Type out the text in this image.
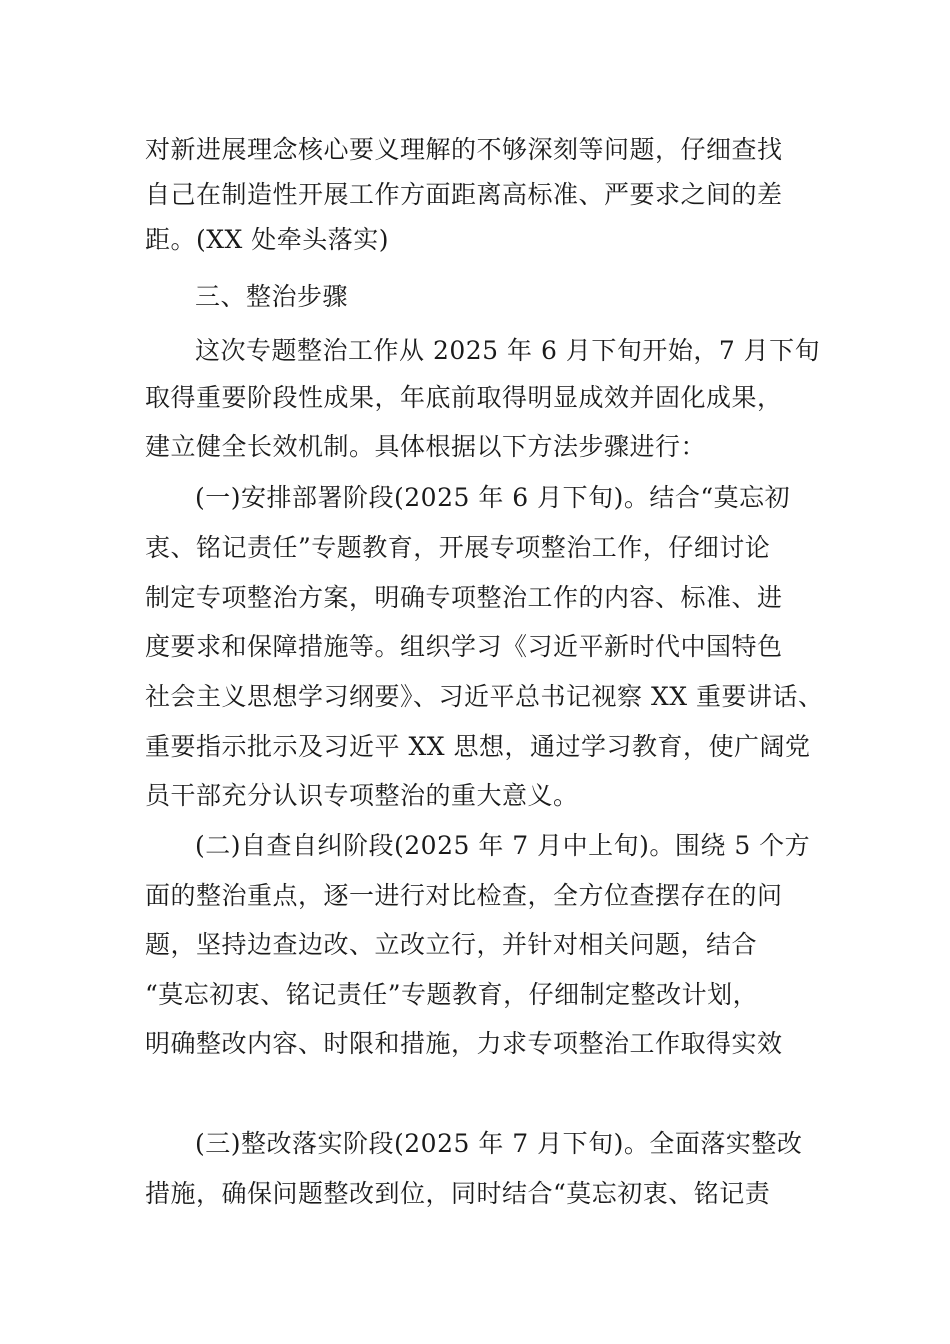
对新进展理念核心要义理解的不够深刻等问题，仔细查找
自己在制造性开展工作方面距离高标准、严要求之间的差
距。(XX 处牵头落实)
三、整治步骤
这次专题整治工作从 2025 年 6 月下旬开始，7 月下旬
取得重要阶段性成果，年底前取得明显成效并固化成果，
建立健全长效机制。具体根据以下方法步骤进行：
(一)安排部署阶段(2025 年 6 月下旬)。结合“莫忘初
衷、铭记责任”专题教育，开展专项整治工作，仔细讨论
制定专项整治方案，明确专项整治工作的内容、标准、进
度要求和保障措施等。组织学习《习近平新时代中国特色
社会主义思想学习纲要》、习近平总书记视察 XX 重要讲话、
重要指示批示及习近平 XX 思想，通过学习教育，使广阔党
员干部充分认识专项整治的重大意义。
(二)自查自纠阶段(2025 年 7 月中上旬)。围绕 5 个方
面的整治重点，逐一进行对比检查，全方位查摆存在的问
题，坚持边查边改、立改立行，并针对相关问题，结合
“莫忘初衷、铭记责任”专题教育，仔细制定整改计划，
明确整改内容、时限和措施，力求专项整治工作取得实效
(三)整改落实阶段(2025 年 7 月下旬)。全面落实整改
措施，确保问题整改到位，同时结合“莫忘初衷、铭记责
